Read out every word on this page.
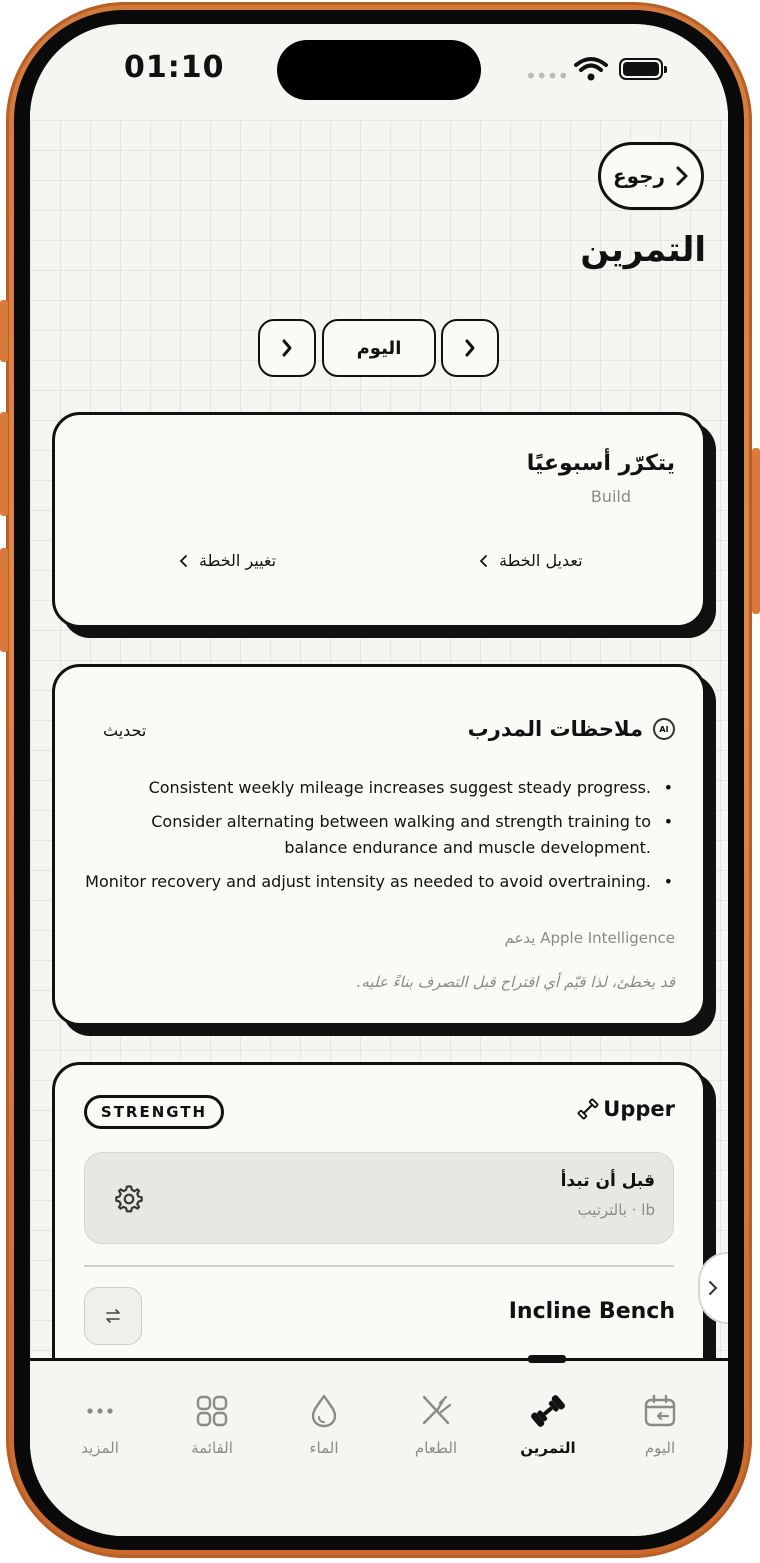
01:10	••••
رجوع
التمرين
اليوم
يتكرّر أسبوعيًا
Build
تعديل الخطة
تغيير الخطة
AI
ملاحظات المدرب
تحديث
•
Consistent weekly mileage increases suggest steady progress.
•
Consider alternating between walking and strength training to balance endurance and muscle development.
•
Monitor recovery and adjust intensity as needed to avoid overtraining.
يدعم Apple Intelligence
قد يخطئ، لذا قيّم أي اقتراح قبل التصرف بناءً عليه.
Upper
STRENGTH
قبل أن تبدأ
lb · بالترتيب
Incline Bench
اليوم
التمرين
الطعام
الماء
القائمة
المزيد
